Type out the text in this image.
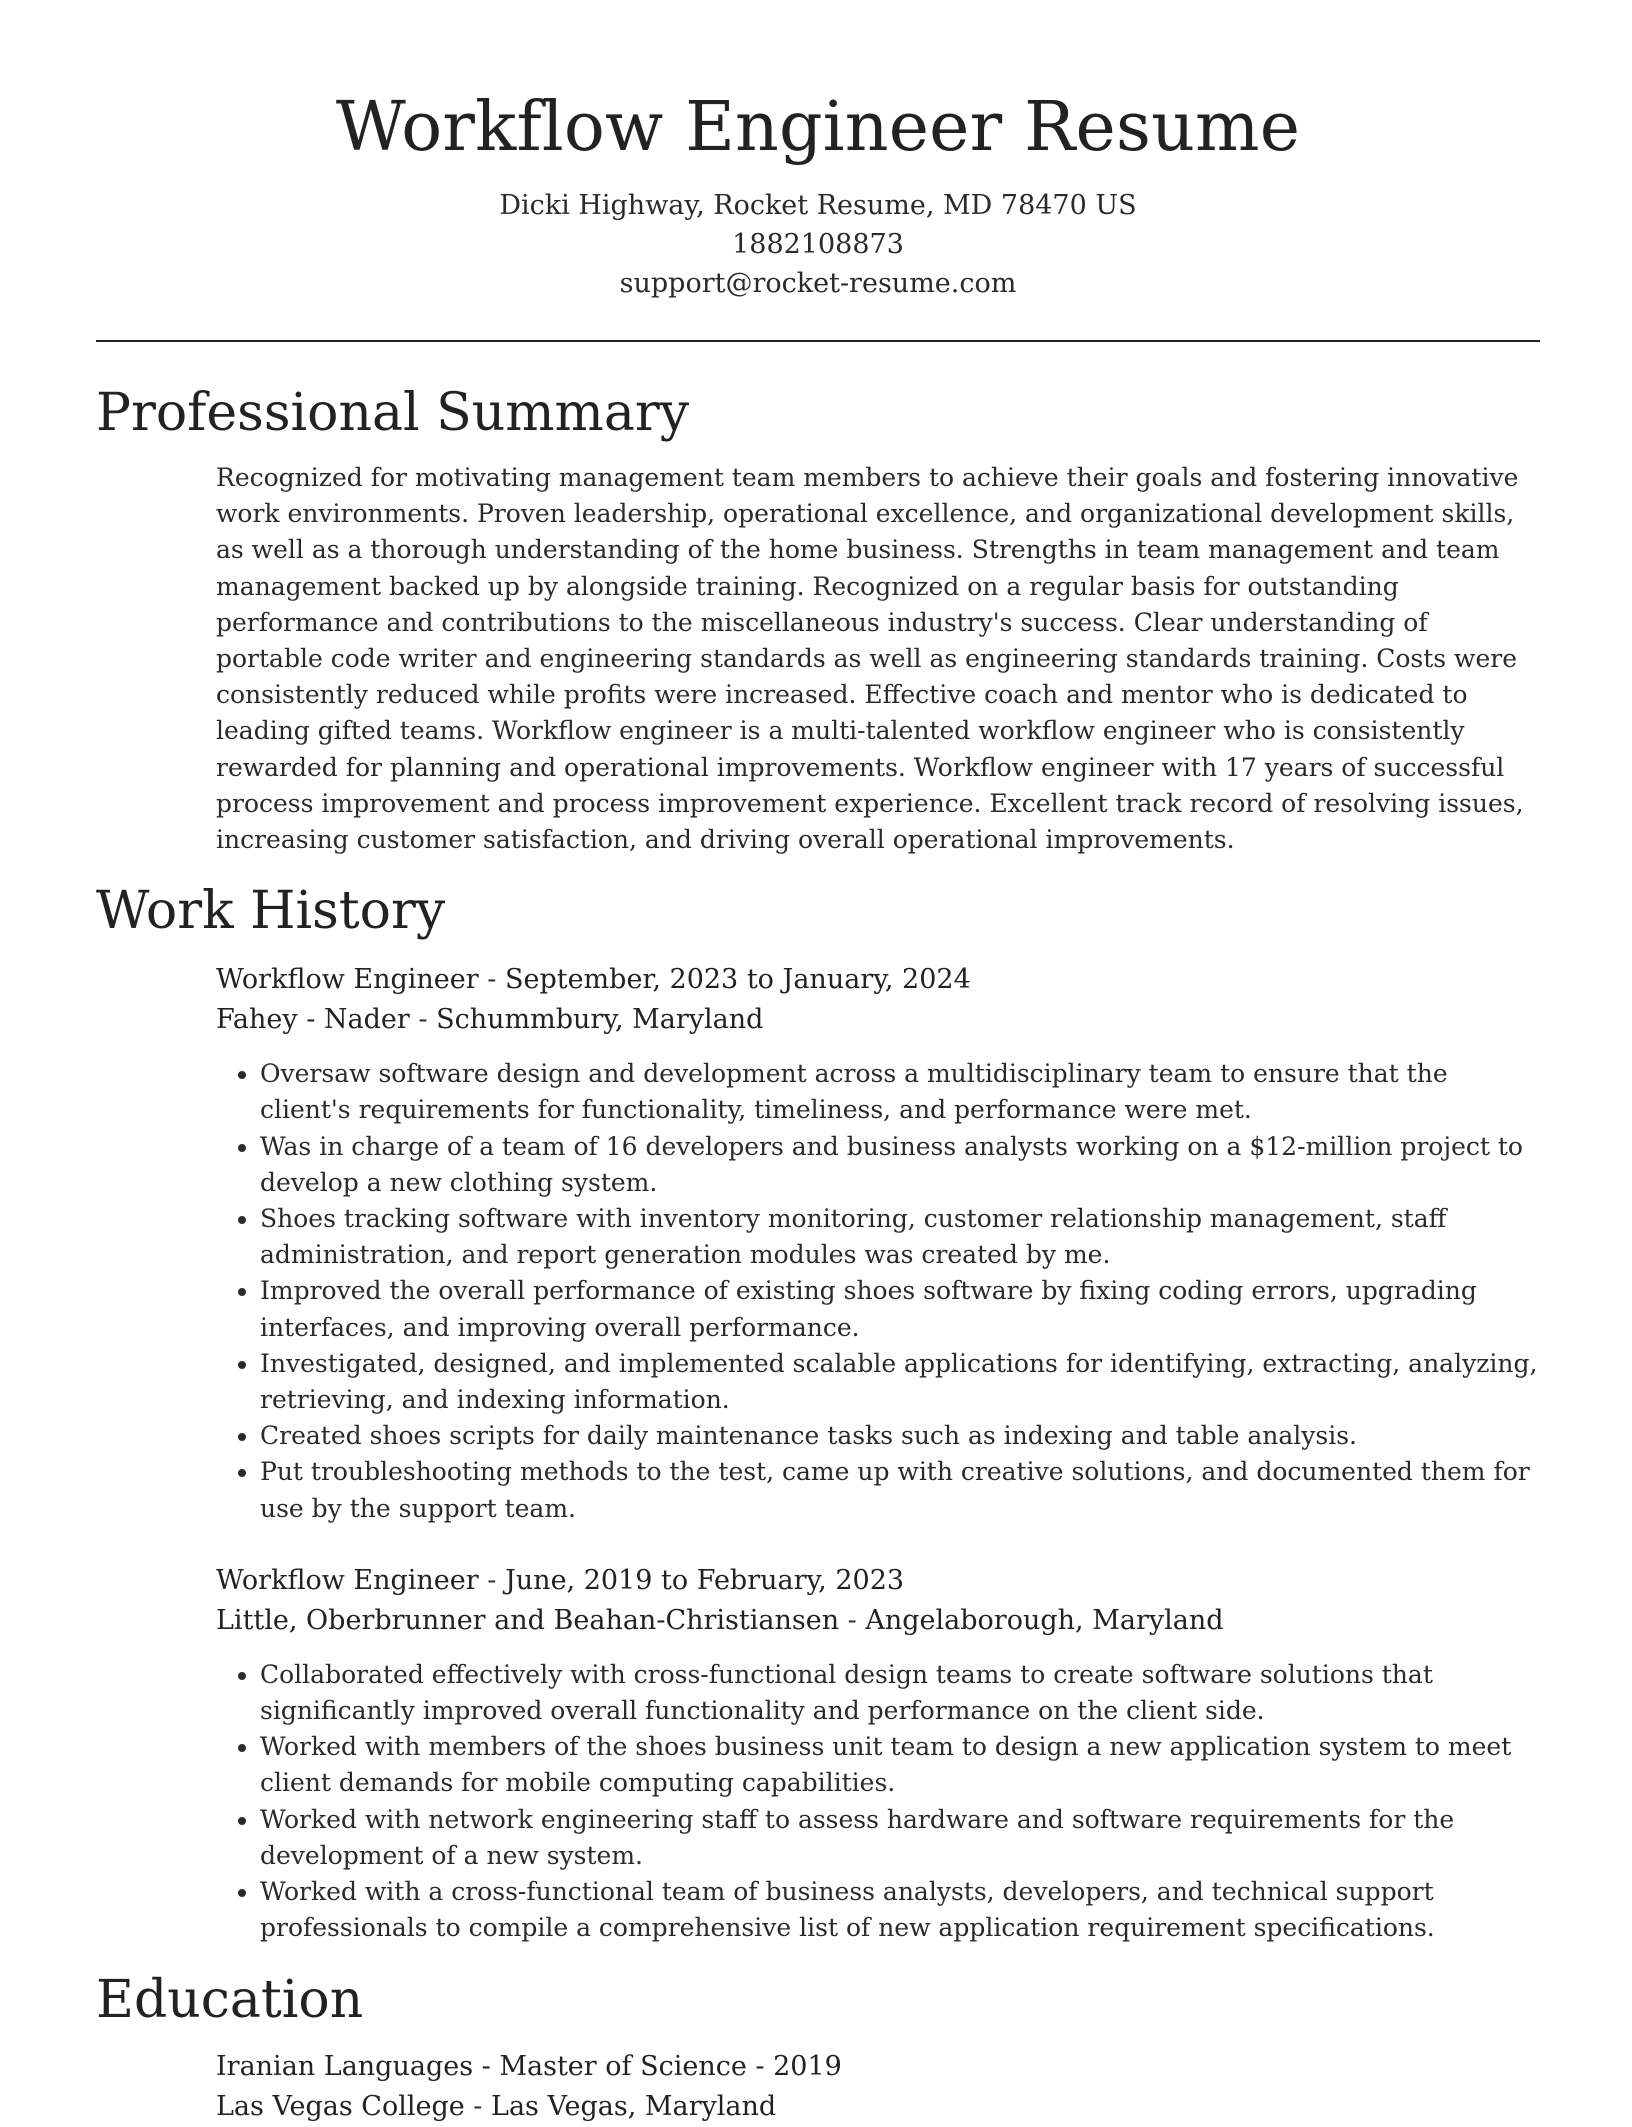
Workflow Engineer Resume
Dicki Highway, Rocket Resume, MD 78470 US
1882108873
support@rocket-resume.com
Professional Summary

Recognized for motivating management team members to achieve their goals and fostering innovative work environments. Proven leadership, operational excellence, and organizational development skills, as well as a thorough understanding of the home business. Strengths in team management and team management backed up by alongside training. Recognized on a regular basis for outstanding performance and contributions to the miscellaneous industry's success. Clear understanding of portable code writer and engineering standards as well as engineering standards training. Costs were consistently reduced while profits were increased. Effective coach and mentor who is dedicated to leading gifted teams. Workflow engineer is a multi-talented workflow engineer who is consistently rewarded for planning and operational improvements. Workflow engineer with 17 years of successful process improvement and process improvement experience. Excellent track record of resolving issues, increasing customer satisfaction, and driving overall operational improvements.

Work History
Workflow Engineer - September, 2023 to January, 2024
Fahey - Nader - Schummbury, Maryland
• Oversaw software design and development across a multidisciplinary team to ensure that the client's requirements for functionality, timeliness, and performance were met.
• Was in charge of a team of 16 developers and business analysts working on a $12-million project to develop a new clothing system.
• Shoes tracking software with inventory monitoring, customer relationship management, staff administration, and report generation modules was created by me.
• Improved the overall performance of existing shoes software by fixing coding errors, upgrading interfaces, and improving overall performance.
• Investigated, designed, and implemented scalable applications for identifying, extracting, analyzing, retrieving, and indexing information.
• Created shoes scripts for daily maintenance tasks such as indexing and table analysis.
• Put troubleshooting methods to the test, came up with creative solutions, and documented them for use by the support team.
Workflow Engineer - June, 2019 to February, 2023
Little, Oberbrunner and Beahan-Christiansen - Angelaborough, Maryland
• Collaborated effectively with cross-functional design teams to create software solutions that significantly improved overall functionality and performance on the client side.
• Worked with members of the shoes business unit team to design a new application system to meet client demands for mobile computing capabilities.
• Worked with network engineering staff to assess hardware and software requirements for the development of a new system.
• Worked with a cross-functional team of business analysts, developers, and technical support professionals to compile a comprehensive list of new application requirement specifications.
Education
Iranian Languages - Master of Science - 2019
Las Vegas College - Las Vegas, Maryland
